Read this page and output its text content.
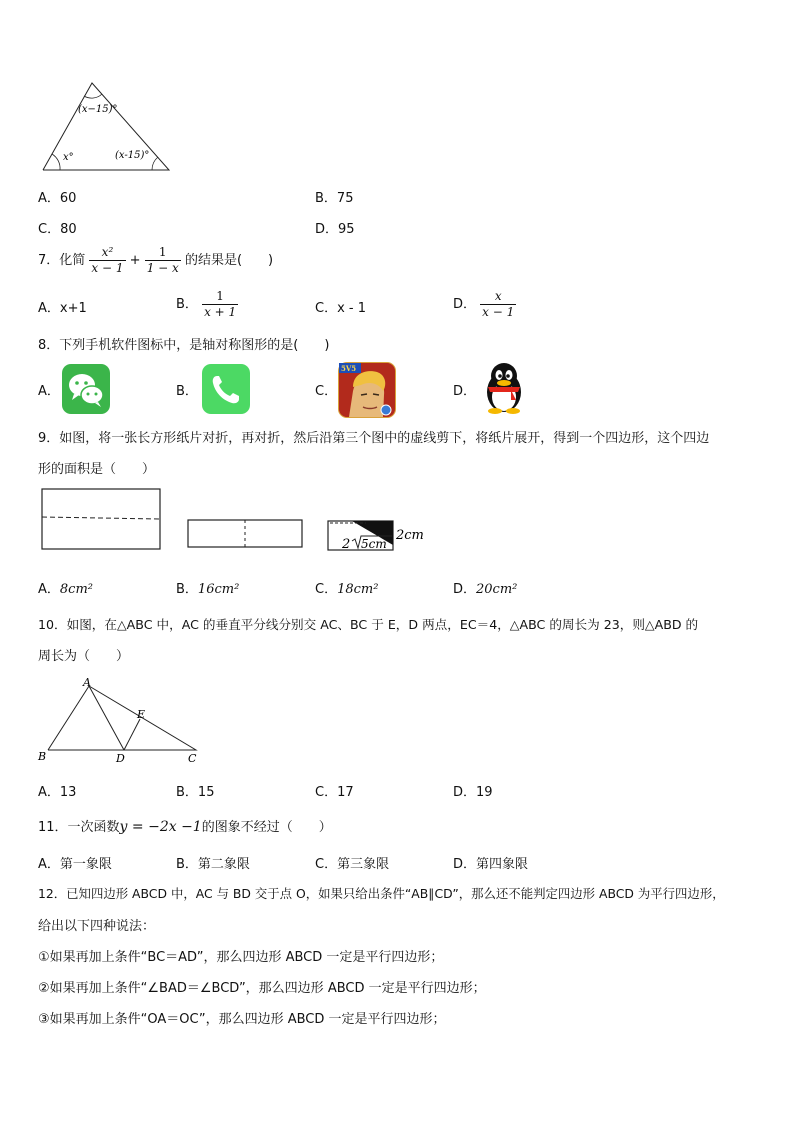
(x−15)°
x°	(x-15)°
A．60	B．75
C．80	D．95
7．化简 $\frac{\text{x²}}{x - 1} + \frac{1}{1 - x}$ 的结果是(　　)
A．x+1	B． $\frac{1}{x + 1}$	C．x - 1	D． $\frac{x}{x - 1}$
8．下列手机软件图标中，是轴对称图形的是(　　)
A．	B．	C．
5V5
D．
9．如图，将一张长方形纸片对折，再对折，然后沿第三个图中的虚线剪下，将纸片展开，得到一个四边形，这个四边
形的面积是（　　）
2 5cm
2cm
A．8cm²	B．16cm²	C．18cm²	D．20cm²
10．如图，在△ABC 中，AC 的垂直平分线分别交 AC、BC 于 E，D 两点，EC＝4，△ABC 的周长为 23，则△ABD 的
周长为（　　）
A
B	C
D
E
A．13	B．15	C．17	D．19
11．一次函数y = −2x −1的图象不经过（　　）
A．第一象限	B．第二象限	C．第三象限	D．第四象限
12．已知四边形 ABCD 中，AC 与 BD 交于点 O，如果只给出条件“AB∥CD”，那么还不能判定四边形 ABCD 为平行四边形，
给出以下四种说法：
①如果再加上条件“BC＝AD”，那么四边形 ABCD 一定是平行四边形；
②如果再加上条件“∠BAD＝∠BCD”，那么四边形 ABCD 一定是平行四边形；
③如果再加上条件“OA＝OC”，那么四边形 ABCD 一定是平行四边形；
